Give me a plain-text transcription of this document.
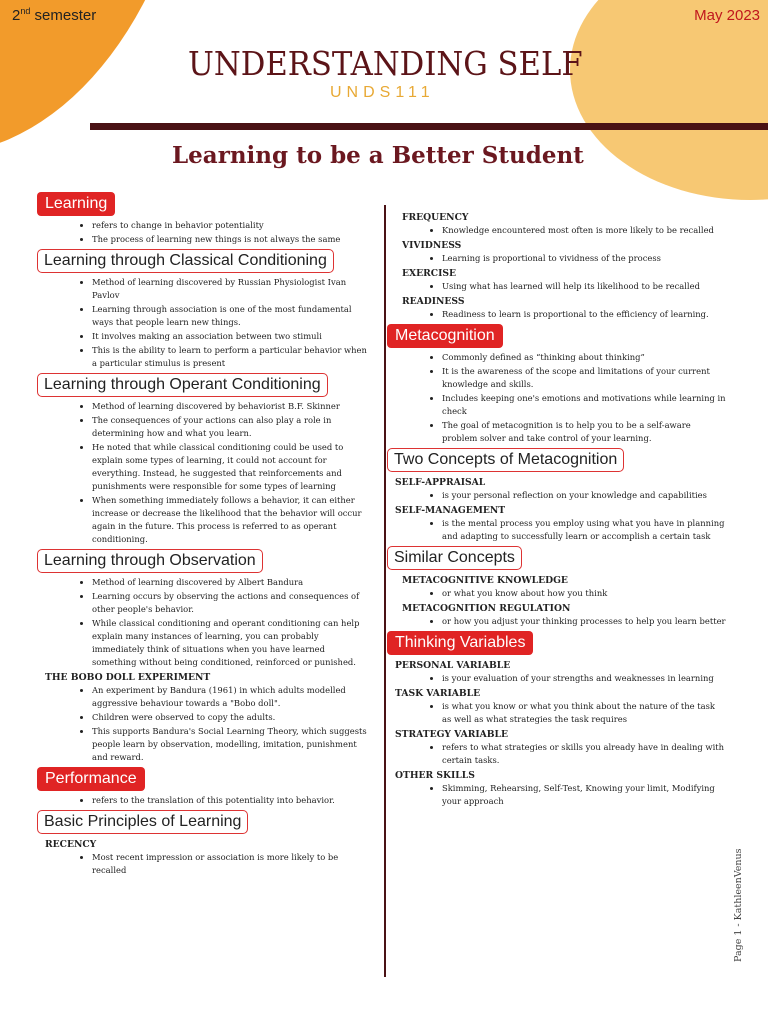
2nd semester	May 2023
UNDERSTANDING SELF
UNDS111
Learning to be a Better Student
Learning
• refers to change in behavior potentiality
• The process of learning new things is not always the same
Learning through Classical Conditioning
• Method of learning discovered by Russian Physiologist Ivan Pavlov
• Learning through association is one of the most fundamental ways that people learn new things.
• It involves making an association between two stimuli
• This is the ability to learn to perform a particular behavior when a particular stimulus is present
Learning through Operant Conditioning
• Method of learning discovered by behaviorist B.F. Skinner
• The consequences of your actions can also play a role in determining how and what you learn.
• He noted that while classical conditioning could be used to explain some types of learning, it could not account for everything. Instead, he suggested that reinforcements and punishments were responsible for some types of learning
• When something immediately follows a behavior, it can either increase or decrease the likelihood that the behavior will occur again in the future. This process is referred to as operant conditioning.
Learning through Observation
• Method of learning discovered by Albert Bandura
• Learning occurs by observing the actions and consequences of other people's behavior.
• While classical conditioning and operant conditioning can help explain many instances of learning, you can probably immediately think of situations when you have learned something without being conditioned, reinforced or punished.
THE BOBO DOLL EXPERIMENT
• An experiment by Bandura (1961) in which adults modelled aggressive behaviour towards a "Bobo doll".
• Children were observed to copy the adults.
• This supports Bandura's Social Learning Theory, which suggests people learn by observation, modelling, imitation, punishment and reward.
Performance
• refers to the translation of this potentiality into behavior.
Basic Principles of Learning
RECENCY
• Most recent impression or association is more likely to be recalled
FREQUENCY
• Knowledge encountered most often is more likely to be recalled
VIVIDNESS
• Learning is proportional to vividness of the process
EXERCISE
• Using what has learned will help its likelihood to be recalled
READINESS
• Readiness to learn is proportional to the efficiency of learning.
Metacognition
• Commonly defined as “thinking about thinking”
• It is the awareness of the scope and limitations of your current knowledge and skills.
• Includes keeping one's emotions and motivations while learning in check
• The goal of metacognition is to help you to be a self-aware problem solver and take control of your learning.
Two Concepts of Metacognition
SELF-APPRAISAL
• is your personal reflection on your knowledge and capabilities
SELF-MANAGEMENT
• is the mental process you employ using what you have in planning and adapting to successfully learn or accomplish a certain task
Similar Concepts
METACOGNITIVE KNOWLEDGE
• or what you know about how you think
METACOGNITION REGULATION
• or how you adjust your thinking processes to help you learn better
Thinking Variables
PERSONAL VARIABLE
• is your evaluation of your strengths and weaknesses in learning
TASK VARIABLE
• is what you know or what you think about the nature of the task as well as what strategies the task requires
STRATEGY VARIABLE
• refers to what strategies or skills you already have in dealing with certain tasks.
OTHER SKILLS
• Skimming, Rehearsing, Self-Test, Knowing your limit, Modifying your approach
Page 1 - KathleenVenus
